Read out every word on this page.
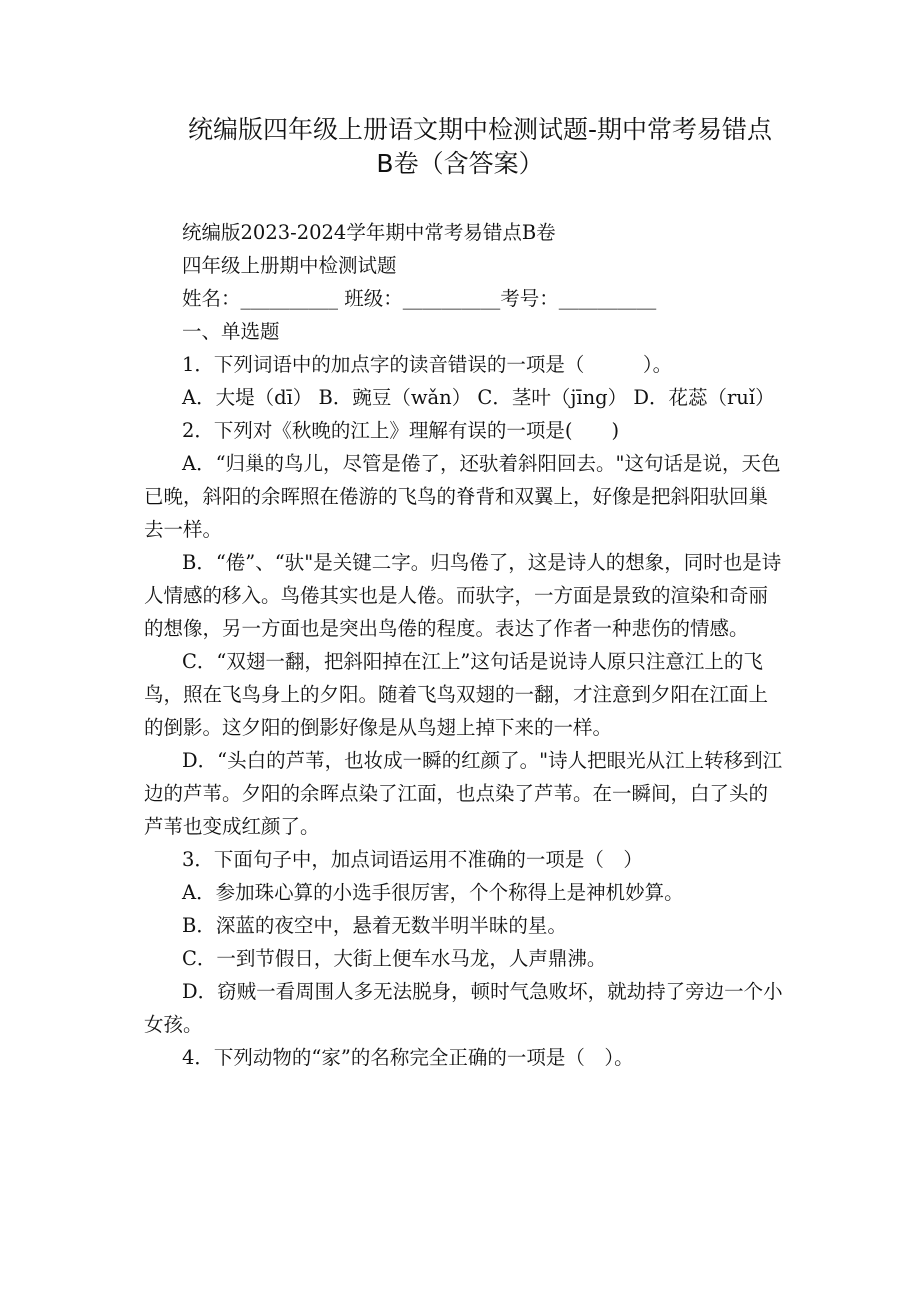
统编版四年级上册语文期中检测试题-期中常考易错点
B卷（含答案）

统编版2023-2024学年期中常考易错点B卷

四年级上册期中检测试题

姓名：__________ 班级：__________考号：__________

一、单选题

1．下列词语中的加点字的读音错误的一项是（　　　）。

A．大堤（dī） B．豌豆（wǎn） C．茎叶（jīng） D．花蕊（ruǐ）

2．下列对《秋晚的江上》理解有误的一项是(　　)

A．“归巢的鸟儿，尽管是倦了，还驮着斜阳回去。"这句话是说，天色已晚，斜阳的余晖照在倦游的飞鸟的脊背和双翼上，好像是把斜阳驮回巢去一样。

B．“倦”、“驮"是关键二字。归鸟倦了，这是诗人的想象，同时也是诗人情感的移入。鸟倦其实也是人倦。而驮字，一方面是景致的渲染和奇丽的想像，另一方面也是突出鸟倦的程度。表达了作者一种悲伤的情感。

C．“双翅一翻，把斜阳掉在江上”这句话是说诗人原只注意江上的飞鸟，照在飞鸟身上的夕阳。随着飞鸟双翅的一翻，才注意到夕阳在江面上的倒影。这夕阳的倒影好像是从鸟翅上掉下来的一样。

D．“头白的芦苇，也妆成一瞬的红颜了。"诗人把眼光从江上转移到江边的芦苇。夕阳的余晖点染了江面，也点染了芦苇。在一瞬间，白了头的芦苇也变成红颜了。

3．下面句子中，加点词语运用不准确的一项是（　）

A．参加珠心算的小选手很厉害，个个称得上是神机妙算。

B．深蓝的夜空中，悬着无数半明半昧的星。

C．一到节假日，大街上便车水马龙，人声鼎沸。

D．窃贼一看周围人多无法脱身，顿时气急败坏，就劫持了旁边一个小女孩。

4．下列动物的“家”的名称完全正确的一项是（　）。
